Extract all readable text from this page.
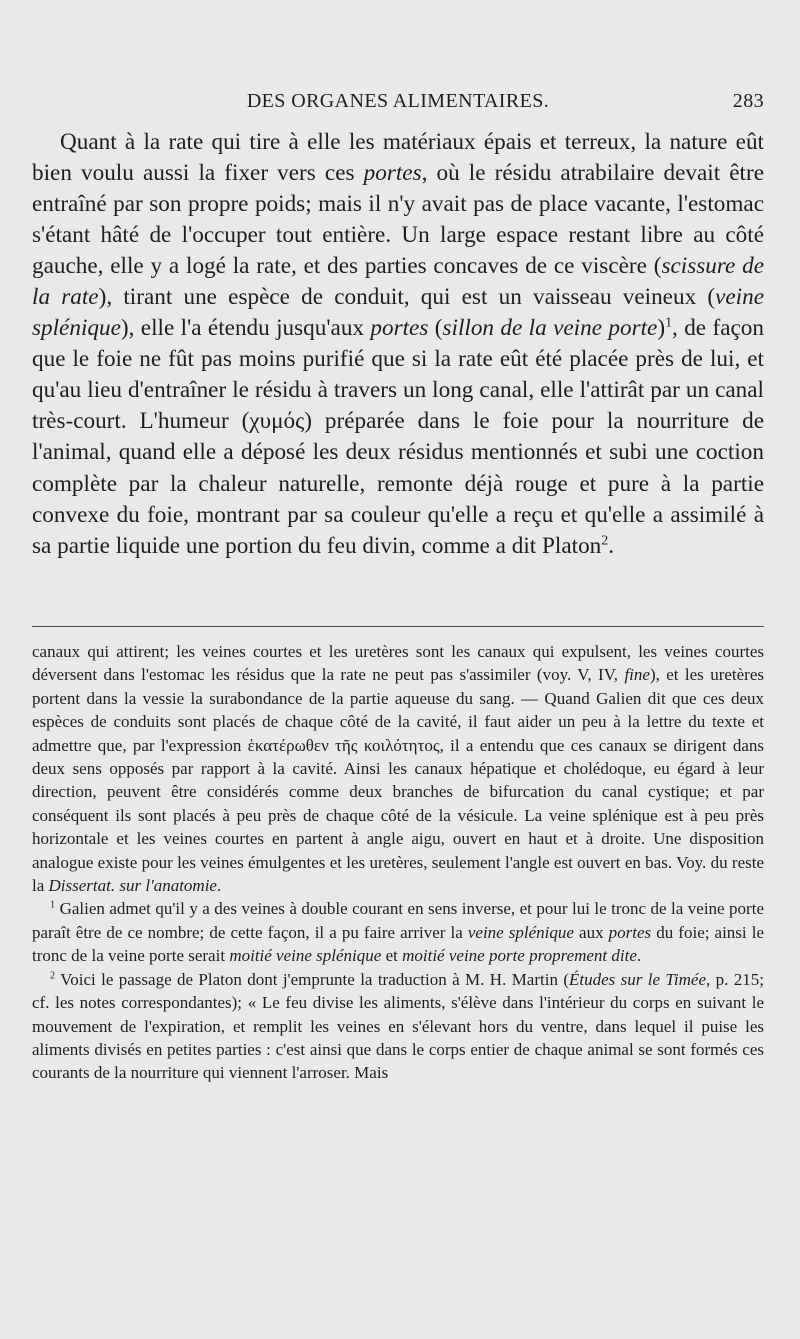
DES ORGANES ALIMENTAIRES.	283

Quant à la rate qui tire à elle les matériaux épais et terreux, la nature eût bien voulu aussi la fixer vers ces portes, où le résidu atrabilaire devait être entraîné par son propre poids; mais il n'y avait pas de place vacante, l'estomac s'étant hâté de l'occuper tout entière. Un large espace restant libre au côté gauche, elle y a logé la rate, et des parties concaves de ce viscère (scissure de la rate), tirant une espèce de conduit, qui est un vaisseau veineux (veine splénique), elle l'a étendu jusqu'aux portes (sillon de la veine porte)$^1$, de façon que le foie ne fût pas moins purifié que si la rate eût été placée près de lui, et qu'au lieu d'entraîner le résidu à travers un long canal, elle l'attirât par un canal très-court. L'humeur (χυμός) préparée dans le foie pour la nourriture de l'animal, quand elle a déposé les deux résidus mentionnés et subi une coction complète par la chaleur naturelle, remonte déjà rouge et pure à la partie convexe du foie, montrant par sa couleur qu'elle a reçu et qu'elle a assimilé à sa partie liquide une portion du feu divin, comme a dit Platon$^2$.

canaux qui attirent; les veines courtes et les uretères sont les canaux qui expulsent, les veines courtes déversent dans l'estomac les résidus que la rate ne peut pas s'assimiler (voy. V, IV, fine), et les uretères portent dans la vessie la surabondance de la partie aqueuse du sang. — Quand Galien dit que ces deux espèces de conduits sont placés de chaque côté de la cavité, il faut aider un peu à la lettre du texte et admettre que, par l'expression ἑκατέρωθεν τῆς κοιλότητος, il a entendu que ces canaux se dirigent dans deux sens opposés par rapport à la cavité. Ainsi les canaux hépatique et cholédoque, eu égard à leur direction, peuvent être considérés comme deux branches de bifurcation du canal cystique; et par conséquent ils sont placés à peu près de chaque côté de la vésicule. La veine splénique est à peu près horizontale et les veines courtes en partent à angle aigu, ouvert en haut et à droite. Une disposition analogue existe pour les veines émulgentes et les uretères, seulement l'angle est ouvert en bas. Voy. du reste la Dissertat. sur l'anatomie.

$^1$ Galien admet qu'il y a des veines à double courant en sens inverse, et pour lui le tronc de la veine porte paraît être de ce nombre; de cette façon, il a pu faire arriver la veine splénique aux portes du foie; ainsi le tronc de la veine porte serait moitié veine splénique et moitié veine porte proprement dite.

$^2$ Voici le passage de Platon dont j'emprunte la traduction à M. H. Martin (Études sur le Timée, p. 215; cf. les notes correspondantes); « Le feu divise les aliments, s'élève dans l'intérieur du corps en suivant le mouvement de l'expiration, et remplit les veines en s'élevant hors du ventre, dans lequel il puise les aliments divisés en petites parties : c'est ainsi que dans le corps entier de chaque animal se sont formés ces courants de la nourriture qui viennent l'arroser. Mais
